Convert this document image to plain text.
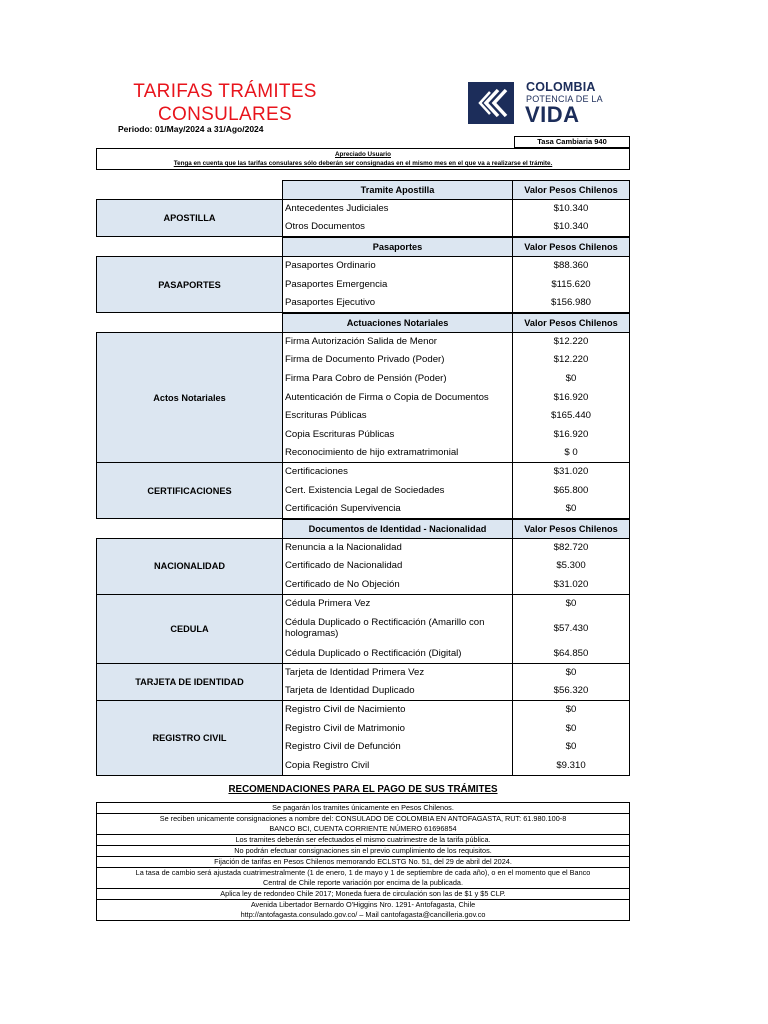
TARIFAS TRÁMITES
CONSULARES
Periodo: 01/May/2024 a 31/Ago/2024
COLOMBIA
POTENCIA DE LA
VIDA
Tasa Cambiaria 940
Apreciado Usuario
Tenga en cuenta que las tarifas consulares sólo deberán ser consignadas en el mismo mes en el que va a realizarse el trámite.
Tramite Apostilla	Valor Pesos Chilenos
Antecedentes Judiciales	$10.340
Otros Documentos	$10.340
APOSTILLA
Pasaportes	Valor Pesos Chilenos
Pasaportes Ordinario	$88.360
Pasaportes Emergencia	$115.620
Pasaportes Ejecutivo	$156.980
PASAPORTES
Actuaciones Notariales	Valor Pesos Chilenos
Firma Autorización Salida de Menor	$12.220
Firma de Documento Privado (Poder)	$12.220
Firma Para Cobro de Pensión (Poder)	$0
Autenticación de Firma o Copia de Documentos	$16.920
Escrituras Públicas	$165.440
Copia Escrituras Públicas	$16.920
Reconocimiento de hijo extramatrimonial	$ 0
Actos Notariales
Certificaciones	$31.020
Cert. Existencia Legal de Sociedades	$65.800
Certificación Supervivencia	$0
CERTIFICACIONES
Documentos de Identidad - Nacionalidad	Valor Pesos Chilenos
Renuncia a la Nacionalidad	$82.720
Certificado de Nacionalidad	$5.300
Certificado de No Objeción	$31.020
NACIONALIDAD
Cédula Primera Vez	$0
Cédula Duplicado o Rectificación (Amarillo con hologramas)	$57.430
Cédula Duplicado o Rectificación (Digital)	$64.850
CEDULA
Tarjeta de Identidad Primera Vez	$0
Tarjeta de Identidad Duplicado	$56.320
TARJETA DE IDENTIDAD
Registro Civil de Nacimiento	$0
Registro Civil de Matrimonio	$0
Registro Civil de Defunción	$0
Copia Registro Civil	$9.310
REGISTRO CIVIL
RECOMENDACIONES PARA EL PAGO DE SUS TRÁMITES
Se pagarán los tramites únicamente en Pesos Chilenos.
Se reciben unicamente consignaciones a nombre del: CONSULADO DE COLOMBIA EN ANTOFAGASTA, RUT: 61.980.100-8
BANCO BCI, CUENTA CORRIENTE NÚMERO 61696854
Los tramites deberán ser efectuados el mismo cuatrimestre de la tarifa pública.
No podrán efectuar consignaciones sin el previo cumplimiento de los requisitos.
Fijación de tarifas en Pesos Chilenos memorando ECLSTG No. 51, del 29 de abril del 2024.
La tasa de cambio será ajustada cuatrimestralmente (1 de enero, 1 de mayo y 1 de septiembre de cada año), o en el momento que el Banco
Central de Chile reporte variación por encima de la publicada.
Aplica ley de redondeo Chile 2017; Moneda fuera de circulación son las de $1 y $5 CLP.
Avenida Libertador Bernardo O'Higgins Nro. 1291- Antofagasta, Chile
http://antofagasta.consulado.gov.co/ – Mail cantofagasta@cancilleria.gov.co
